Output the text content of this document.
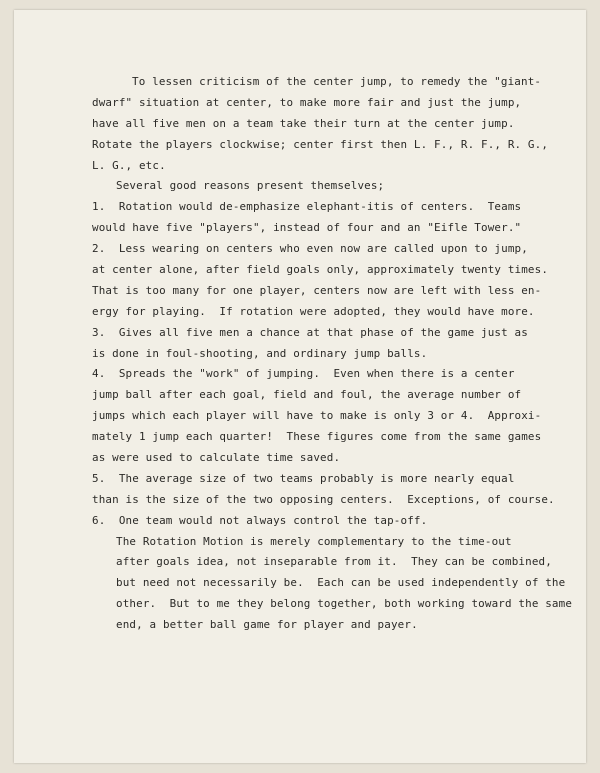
To lessen criticism of the center jump, to remedy the "giant-
dwarf" situation at center, to make more fair and just the jump,
have all five men on a team take their turn at the center jump.
Rotate the players clockwise; center first then L. F., R. F., R. G.,
L. G., etc.
Several good reasons present themselves;
1.  Rotation would de-emphasize elephant-itis of centers.  Teams
would have five "players", instead of four and an "Eifle Tower."
2.  Less wearing on centers who even now are called upon to jump,
at center alone, after field goals only, approximately twenty times.
That is too many for one player, centers now are left with less en-
ergy for playing.  If rotation were adopted, they would have more.
3.  Gives all five men a chance at that phase of the game just as
is done in foul-shooting, and ordinary jump balls.
4.  Spreads the "work" of jumping.  Even when there is a center
jump ball after each goal, field and foul, the average number of
jumps which each player will have to make is only 3 or 4.  Approxi-
mately 1 jump each quarter!  These figures come from the same games
as were used to calculate time saved.
5.  The average size of two teams probably is more nearly equal
than is the size of the two opposing centers.  Exceptions, of course.
6.  One team would not always control the tap-off.
The Rotation Motion is merely complementary to the time-out
after goals idea, not inseparable from it.  They can be combined,
but need not necessarily be.  Each can be used independently of the
other.  But to me they belong together, both working toward the same
end, a better ball game for player and payer.
